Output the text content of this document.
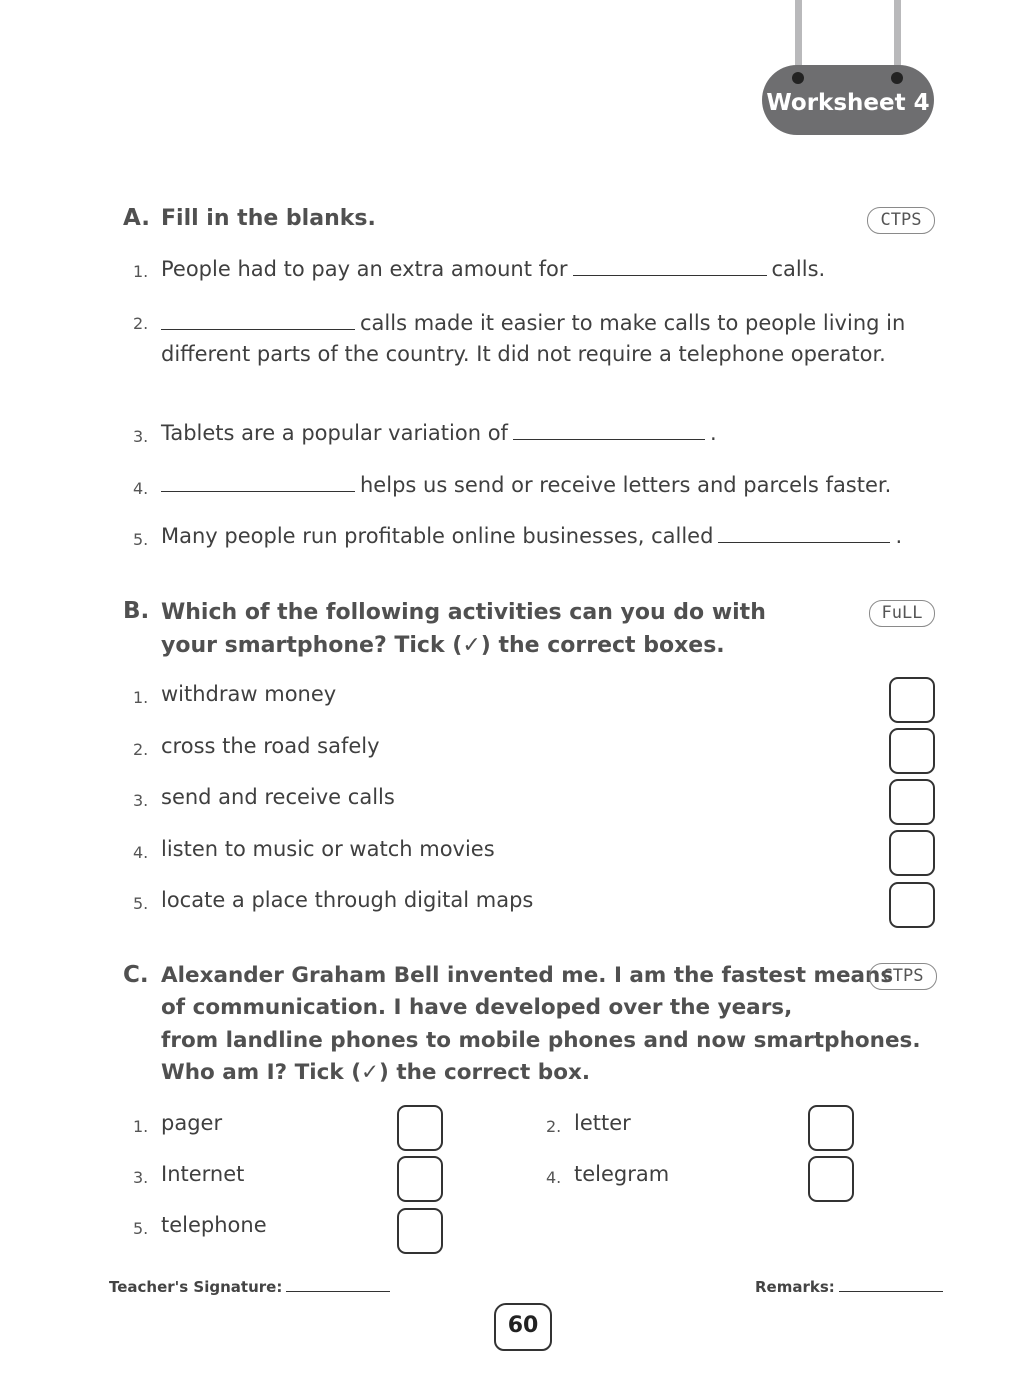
Worksheet 4
A. Fill in the blanks.	CTPS
1. People had to pay an extra amount for	calls.
2.	calls made it easier to make calls to people living in different parts of the country. It did not require a telephone operator.
3. Tablets are a popular variation of	.
4.	helps us send or receive letters and parcels faster.
5. Many people run profitable online businesses, called	.
B. Which of the following activities can you do with your smartphone? Tick (✓) the correct boxes.
FuLL
1. withdraw money
2. cross the road safely
3. send and receive calls
4. listen to music or watch movies
5. locate a place through digital maps
C. Alexander Graham Bell invented me. I am the fastest means
of communication. I have developed over the years,
from landline phones to mobile phones and now smartphones.
Who am I? Tick (✓) the correct box.
CTPS
1. pager	2. letter
3. Internet	4. telegram
5. telephone
Teacher's Signature:	Remarks:
60
